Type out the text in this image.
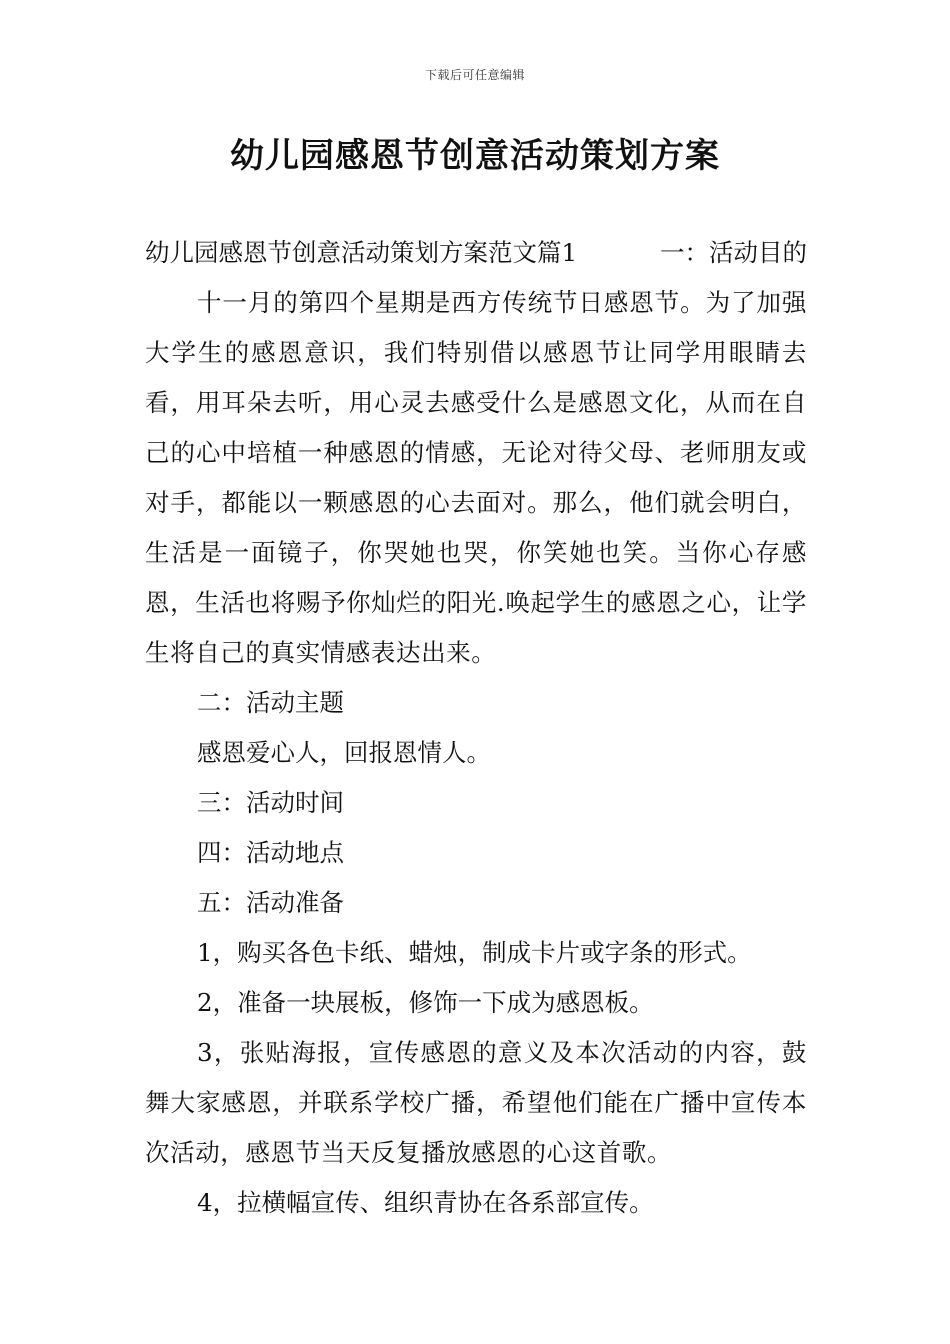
下载后可任意编辑
幼儿园感恩节创意活动策划方案
幼儿园感恩节创意活动策划方案范文篇1	一：活动目的

十一月的第四个星期是西方传统节日感恩节。为了加强大学生的感恩意识，我们特别借以感恩节让同学用眼睛去看，用耳朵去听，用心灵去感受什么是感恩文化，从而在自己的心中培植一种感恩的情感，无论对待父母、老师朋友或对手，都能以一颗感恩的心去面对。那么，他们就会明白，生活是一面镜子，你哭她也哭，你笑她也笑。当你心存感恩，生活也将赐予你灿烂的阳光.唤起学生的感恩之心，让学生将自己的真实情感表达出来。

二：活动主题

感恩爱心人，回报恩情人。

三：活动时间

四：活动地点

五：活动准备

1，购买各色卡纸、蜡烛，制成卡片或字条的形式。

2，准备一块展板，修饰一下成为感恩板。

3，张贴海报，宣传感恩的意义及本次活动的内容，鼓舞大家感恩，并联系学校广播，希望他们能在广播中宣传本次活动，感恩节当天反复播放感恩的心这首歌。

4，拉横幅宣传、组织青协在各系部宣传。
